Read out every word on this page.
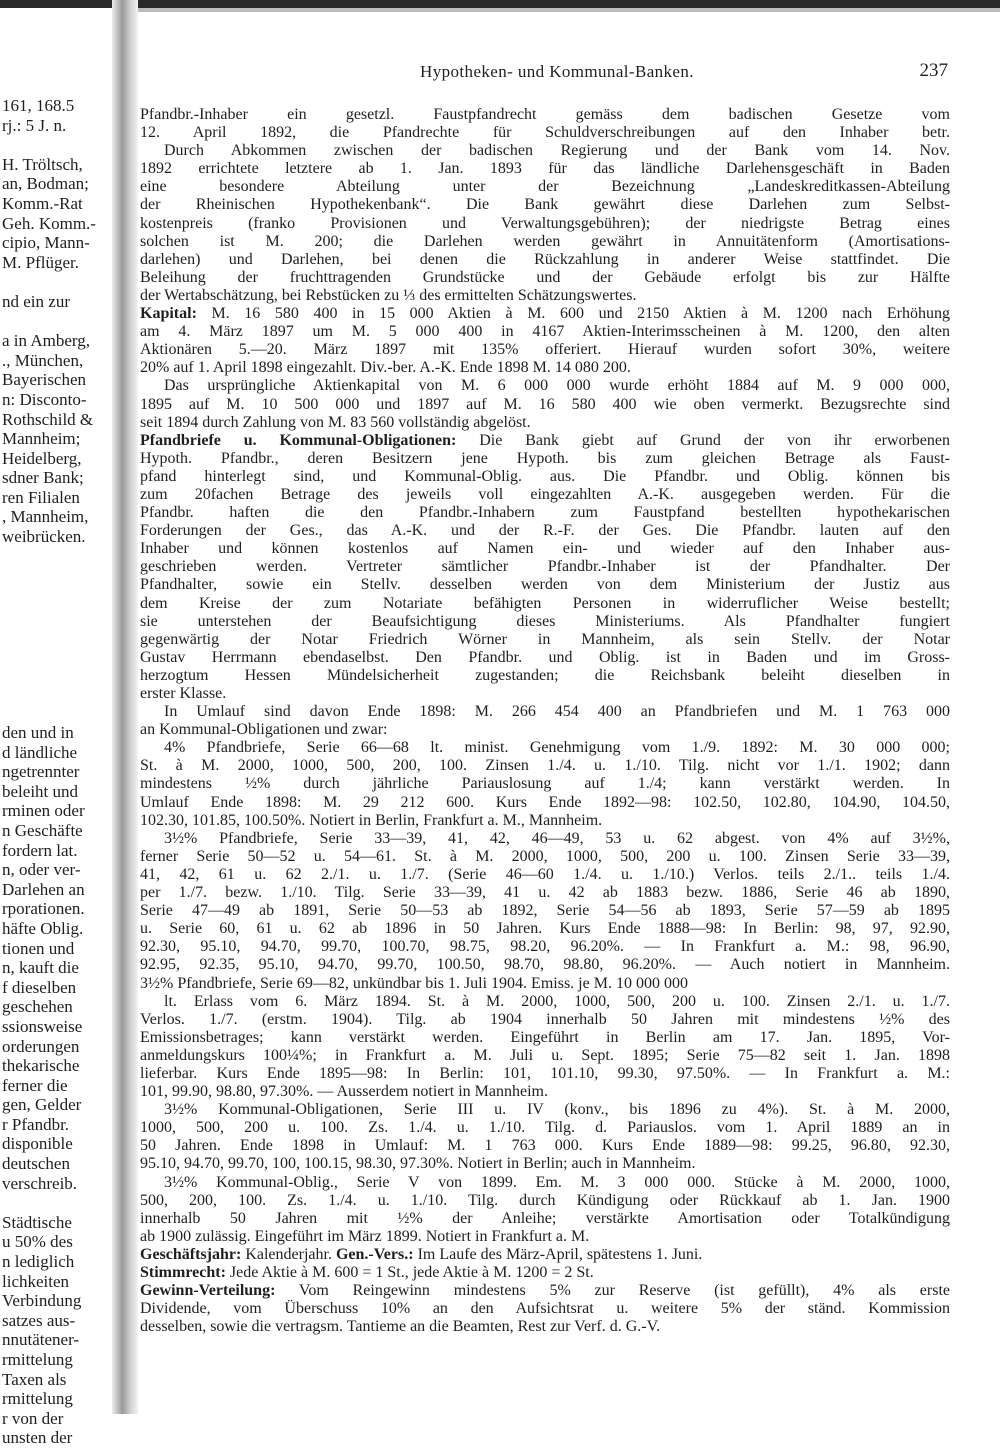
161, 168.5
rj.: 5 J. n.
H. Tröltsch,
an, Bodman;
Komm.-Rat
Geh. Komm.-
cipio, Mann-
M. Pflüger.
nd ein zur
a in Amberg,
., München,
Bayerischen
n: Disconto-
Rothschild &
Mannheim;
Heidelberg,
sdner Bank;
ren Filialen
, Mannheim,
weibrücken.
den und in
d ländliche
ngetrennter
beleiht und
rminen oder
n Geschäfte
fordern lat.
n, oder ver-
Darlehen an
rporationen.
häfte Oblig.
tionen und
n, kauft die
f dieselben
geschehen
ssionsweise
orderungen
thekarische
ferner die
gen, Gelder
r Pfandbr.
disponible
deutschen
verschreib.
Städtische
u 50% des
n lediglich
lichkeiten
Verbindung
satzes aus-
nnutätener-
rmittelung
Taxen als
rmittelung
r von der
unsten der
Hypotheken- und Kommunal-Banken.	237
Pfandbr.-Inhaber ein gesetzl. Faustpfandrecht gemäss dem badischen Gesetze vom
12. April 1892, die Pfandrechte für Schuldverschreibungen auf den Inhaber betr.
Durch Abkommen zwischen der badischen Regierung und der Bank vom 14. Nov.
1892 errichtete letztere ab 1. Jan. 1893 für das ländliche Darlehensgeschäft in Baden
eine besondere Abteilung unter der Bezeichnung „Landeskreditkassen-Abteilung
der Rheinischen Hypothekenbank“. Die Bank gewährt diese Darlehen zum Selbst-
kostenpreis (franko Provisionen und Verwaltungsgebühren); der niedrigste Betrag eines
solchen ist M. 200; die Darlehen werden gewährt in Annuitätenform (Amortisations-
darlehen) und Darlehen, bei denen die Rückzahlung in anderer Weise stattfindet. Die
Beleihung der fruchttragenden Grundstücke und der Gebäude erfolgt bis zur Hälfte
der Wertabschätzung, bei Rebstücken zu ⅓ des ermittelten Schätzungswertes.
Kapital: M. 16 580 400 in 15 000 Aktien à M. 600 und 2150 Aktien à M. 1200 nach Erhöhung
am 4. März 1897 um M. 5 000 400 in 4167 Aktien-Interimsscheinen à M. 1200, den alten
Aktionären 5.—20. März 1897 mit 135% offeriert. Hierauf wurden sofort 30%, weitere
20% auf 1. April 1898 eingezahlt. Div.-ber. A.-K. Ende 1898 M. 14 080 200.
Das ursprüngliche Aktienkapital von M. 6 000 000 wurde erhöht 1884 auf M. 9 000 000,
1895 auf M. 10 500 000 und 1897 auf M. 16 580 400 wie oben vermerkt. Bezugsrechte sind
seit 1894 durch Zahlung von M. 83 560 vollständig abgelöst.
Pfandbriefe u. Kommunal-Obligationen: Die Bank giebt auf Grund der von ihr erworbenen
Hypoth. Pfandbr., deren Besitzern jene Hypoth. bis zum gleichen Betrage als Faust-
pfand hinterlegt sind, und Kommunal-Oblig. aus. Die Pfandbr. und Oblig. können bis
zum 20fachen Betrage des jeweils voll eingezahlten A.-K. ausgegeben werden. Für die
Pfandbr. haften die den Pfandbr.-Inhabern zum Faustpfand bestellten hypothekarischen
Forderungen der Ges., das A.-K. und der R.-F. der Ges. Die Pfandbr. lauten auf den
Inhaber und können kostenlos auf Namen ein- und wieder auf den Inhaber aus-
geschrieben werden. Vertreter sämtlicher Pfandbr.-Inhaber ist der Pfandhalter. Der
Pfandhalter, sowie ein Stellv. desselben werden von dem Ministerium der Justiz aus
dem Kreise der zum Notariate befähigten Personen in widerruflicher Weise bestellt;
sie unterstehen der Beaufsichtigung dieses Ministeriums. Als Pfandhalter fungiert
gegenwärtig der Notar Friedrich Wörner in Mannheim, als sein Stellv. der Notar
Gustav Herrmann ebendaselbst. Den Pfandbr. und Oblig. ist in Baden und im Gross-
herzogtum Hessen Mündelsicherheit zugestanden; die Reichsbank beleiht dieselben in
erster Klasse.
In Umlauf sind davon Ende 1898: M. 266 454 400 an Pfandbriefen und M. 1 763 000
an Kommunal-Obligationen und zwar:
4% Pfandbriefe, Serie 66—68 lt. minist. Genehmigung vom 1./9. 1892: M. 30 000 000;
St. à M. 2000, 1000, 500, 200, 100. Zinsen 1./4. u. 1./10. Tilg. nicht vor 1./1. 1902; dann
mindestens ½% durch jährliche Pariauslosung auf 1./4; kann verstärkt werden. In
Umlauf Ende 1898: M. 29 212 600. Kurs Ende 1892—98: 102.50, 102.80, 104.90, 104.50,
102.30, 101.85, 100.50%. Notiert in Berlin, Frankfurt a. M., Mannheim.
3½% Pfandbriefe, Serie 33—39, 41, 42, 46—49, 53 u. 62 abgest. von 4% auf 3½%,
ferner Serie 50—52 u. 54—61. St. à M. 2000, 1000, 500, 200 u. 100. Zinsen Serie 33—39,
41, 42, 61 u. 62 2./1. u. 1./7. (Serie 46—60 1./4. u. 1./10.) Verlos. teils 2./1.. teils 1./4.
per 1./7. bezw. 1./10. Tilg. Serie 33—39, 41 u. 42 ab 1883 bezw. 1886, Serie 46 ab 1890,
Serie 47—49 ab 1891, Serie 50—53 ab 1892, Serie 54—56 ab 1893, Serie 57—59 ab 1895
u. Serie 60, 61 u. 62 ab 1896 in 50 Jahren. Kurs Ende 1888—98: In Berlin: 98, 97, 92.90,
92.30, 95.10, 94.70, 99.70, 100.70, 98.75, 98.20, 96.20%. — In Frankfurt a. M.: 98, 96.90,
92.95, 92.35, 95.10, 94.70, 99.70, 100.50, 98.70, 98.80, 96.20%. — Auch notiert in Mannheim.
3½% Pfandbriefe, Serie 69—82, unkündbar bis 1. Juli 1904. Emiss. je M. 10 000 000
lt. Erlass vom 6. März 1894. St. à M. 2000, 1000, 500, 200 u. 100. Zinsen 2./1. u. 1./7.
Verlos. 1./7. (erstm. 1904). Tilg. ab 1904 innerhalb 50 Jahren mit mindestens ½% des
Emissionsbetrages; kann verstärkt werden. Eingeführt in Berlin am 17. Jan. 1895, Vor-
anmeldungskurs 100¼%; in Frankfurt a. M. Juli u. Sept. 1895; Serie 75—82 seit 1. Jan. 1898
lieferbar. Kurs Ende 1895—98: In Berlin: 101, 101.10, 99.30, 97.50%. — In Frankfurt a. M.:
101, 99.90, 98.80, 97.30%. — Ausserdem notiert in Mannheim.
3½% Kommunal-Obligationen, Serie III u. IV (konv., bis 1896 zu 4%). St. à M. 2000,
1000, 500, 200 u. 100. Zs. 1./4. u. 1./10. Tilg. d. Pariauslos. vom 1. April 1889 an in
50 Jahren. Ende 1898 in Umlauf: M. 1 763 000. Kurs Ende 1889—98: 99.25, 96.80, 92.30,
95.10, 94.70, 99.70, 100, 100.15, 98.30, 97.30%. Notiert in Berlin; auch in Mannheim.
3½% Kommunal-Oblig., Serie V von 1899. Em. M. 3 000 000. Stücke à M. 2000, 1000,
500, 200, 100. Zs. 1./4. u. 1./10. Tilg. durch Kündigung oder Rückkauf ab 1. Jan. 1900
innerhalb 50 Jahren mit ½% der Anleihe; verstärkte Amortisation oder Totalkündigung
ab 1900 zulässig. Eingeführt im März 1899. Notiert in Frankfurt a. M.
Geschäftsjahr: Kalenderjahr. Gen.-Vers.: Im Laufe des März-April, spätestens 1. Juni.
Stimmrecht: Jede Aktie à M. 600 = 1 St., jede Aktie à M. 1200 = 2 St.
Gewinn-Verteilung: Vom Reingewinn mindestens 5% zur Reserve (ist gefüllt), 4% als erste
Dividende, vom Überschuss 10% an den Aufsichtsrat u. weitere 5% der ständ. Kommission
desselben, sowie die vertragsm. Tantieme an die Beamten, Rest zur Verf. d. G.-V.
